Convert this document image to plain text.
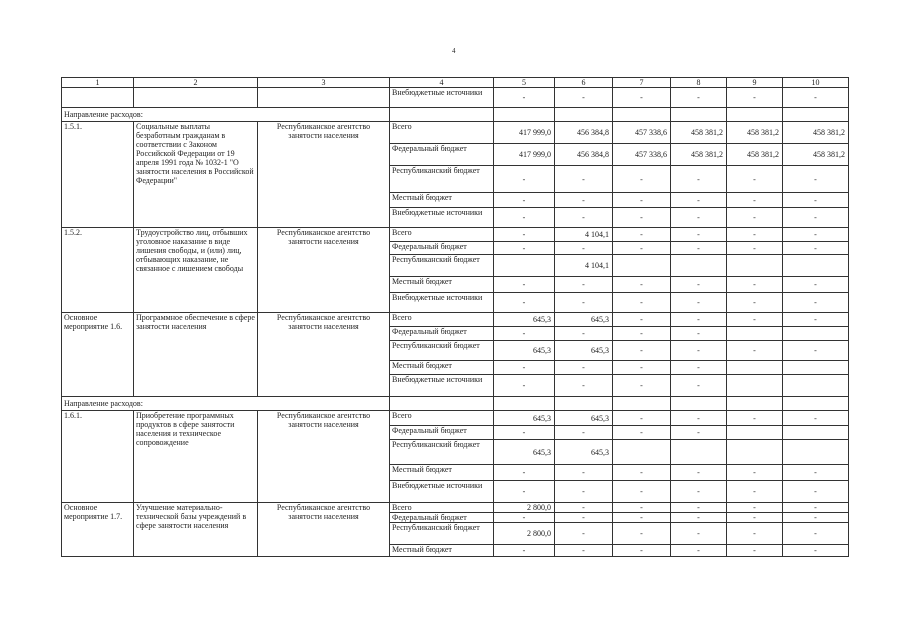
4
1	2	3	4	5	6	7	8	9	10
			Внебюджетные источники	-	-	-	-	-	-
Направление расходов:									
1.5.1.	Социальные выплаты безработным гражданам в соответствии с Законом Российской Федерации от 19 апреля 1991 года № 1032-1 "О занятости населения в Российской Федерации"	Республиканское агентство занятости населения	Всего	417 999,0	456 384,8	457 338,6	458 381,2	458 381,2	458 381,2
			Федеральный бюджет	417 999,0	456 384,8	457 338,6	458 381,2	458 381,2	458 381,2
			Республиканский бюджет	-	-	-	-	-	-
			Местный бюджет	-	-	-	-	-	-
			Внебюджетные источники	-	-	-	-	-	-
1.5.2.	Трудоустройство лиц, отбывших уголовное наказание в виде лишения свободы, и (или) лиц, отбывающих наказание, не связанное с лишением свободы	Республиканское агентство занятости населения	Всего	-	4 104,1	-	-	-	-
			Федеральный бюджет	-	-	-	-	-	-
			Республиканский бюджет		4 104,1				
			Местный бюджет	-	-	-	-	-	-
			Внебюджетные источники	-	-	-	-	-	-
Основное мероприятие 1.6.	Программное обеспечение в сфере занятости населения	Республиканское агентство занятости населения	Всего	645,3	645,3	-	-	-	-
			Федеральный бюджет	-	-	-	-		
			Республиканский бюджет	645,3	645,3	-	-	-	-
			Местный бюджет	-	-	-	-		
			Внебюджетные источники	-	-	-	-		
Направление расходов:									
1.6.1.	Приобретение программных продуктов в сфере занятости населения и техническое сопровождение	Республиканское агентство занятости населения	Всего	645,3	645,3	-	-	-	-
			Федеральный бюджет	-	-	-	-		
			Республиканский бюджет	645,3	645,3				
			Местный бюджет	-	-	-	-	-	-
			Внебюджетные источники	-	-	-	-	-	-
Основное мероприятие 1.7.	Улучшение материально-технической базы учреждений в сфере занятости населения	Республиканское агентство занятости населения	Всего	2 800,0	-	-	-	-	-
			Федеральный бюджет	-	-	-	-	-	-
			Республиканский бюджет	2 800,0	-	-	-	-	-
			Местный бюджет	-	-	-	-	-	-
